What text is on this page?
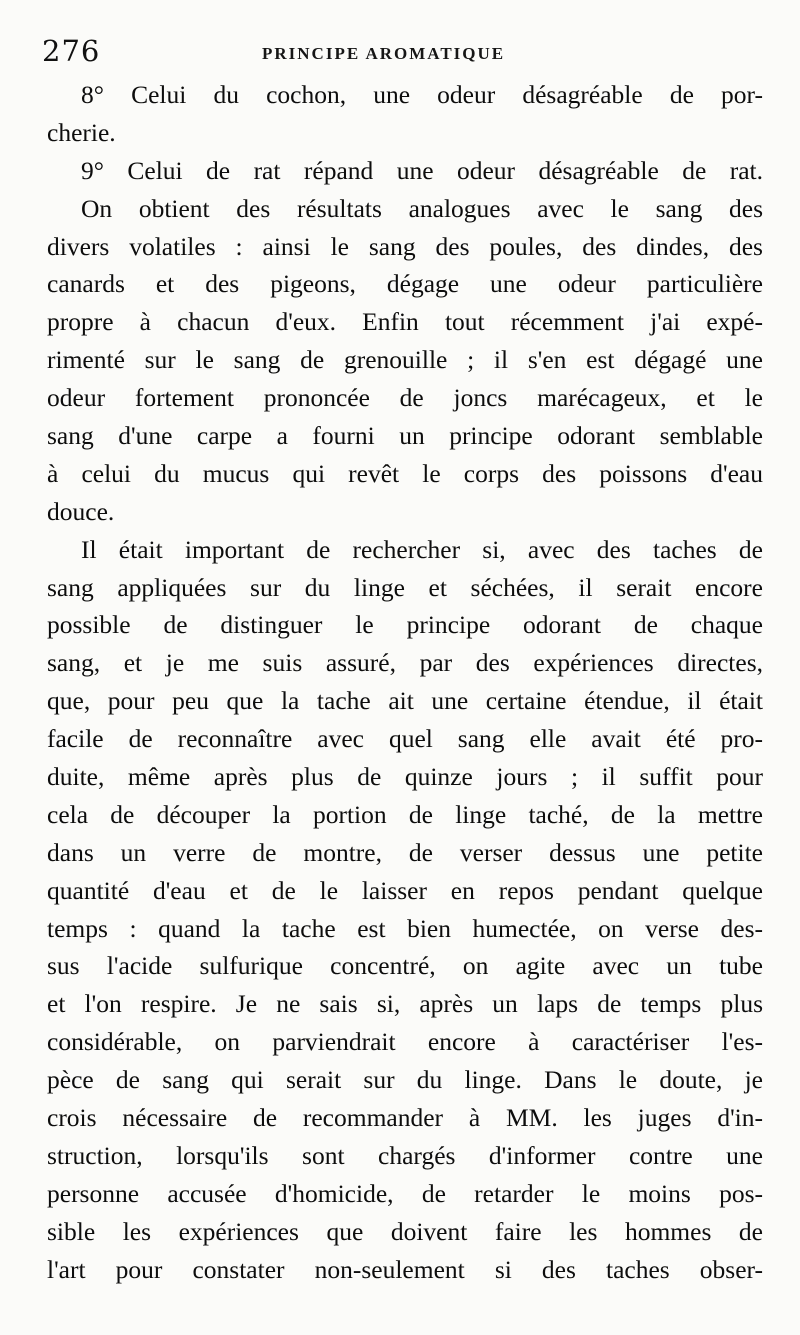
276	PRINCIPE AROMATIQUE
8° Celui du cochon, une odeur désagréable de por-
cherie.
9° Celui de rat répand une odeur désagréable de rat.
On obtient des résultats analogues avec le sang des
divers volatiles : ainsi le sang des poules, des dindes, des
canards et des pigeons, dégage une odeur particulière
propre à chacun d'eux. Enfin tout récemment j'ai expé-
rimenté sur le sang de grenouille ; il s'en est dégagé une
odeur fortement prononcée de joncs marécageux, et le
sang d'une carpe a fourni un principe odorant semblable
à celui du mucus qui revêt le corps des poissons d'eau
douce.
Il était important de rechercher si, avec des taches de
sang appliquées sur du linge et séchées, il serait encore
possible de distinguer le principe odorant de chaque
sang, et je me suis assuré, par des expériences directes,
que, pour peu que la tache ait une certaine étendue, il était
facile de reconnaître avec quel sang elle avait été pro-
duite, même après plus de quinze jours ; il suffit pour
cela de découper la portion de linge taché, de la mettre
dans un verre de montre, de verser dessus une petite
quantité d'eau et de le laisser en repos pendant quelque
temps : quand la tache est bien humectée, on verse des-
sus l'acide sulfurique concentré, on agite avec un tube
et l'on respire. Je ne sais si, après un laps de temps plus
considérable, on parviendrait encore à caractériser l'es-
pèce de sang qui serait sur du linge. Dans le doute, je
crois nécessaire de recommander à MM. les juges d'in-
struction, lorsqu'ils sont chargés d'informer contre une
personne accusée d'homicide, de retarder le moins pos-
sible les expériences que doivent faire les hommes de
l'art pour constater non-seulement si des taches obser-
